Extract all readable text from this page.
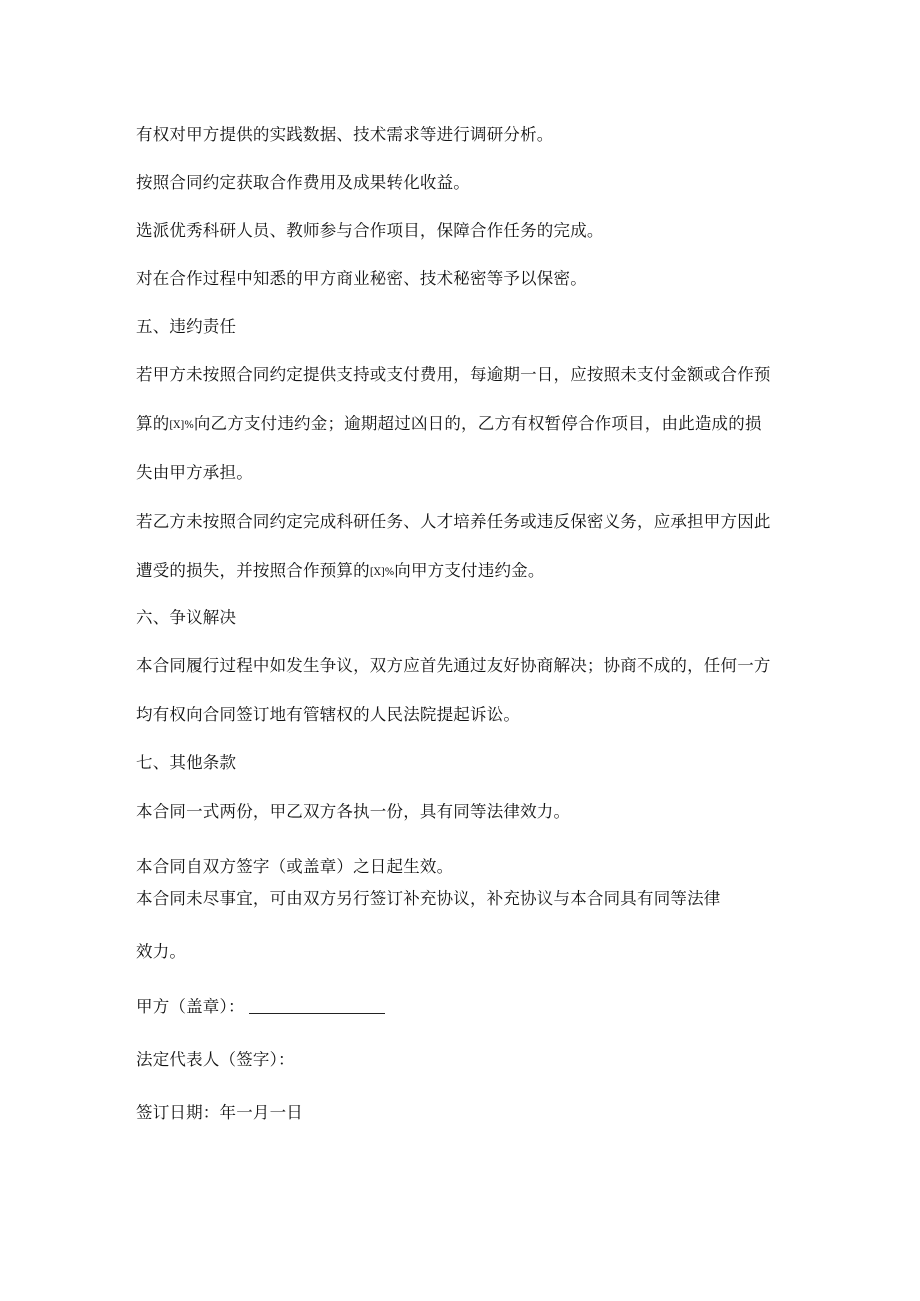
有权对甲方提供的实践数据、技术需求等进行调研分析。
按照合同约定获取合作费用及成果转化收益。
选派优秀科研人员、教师参与合作项目，保障合作任务的完成。
对在合作过程中知悉的甲方商业秘密、技术秘密等予以保密。
五、违约责任
若甲方未按照合同约定提供支持或支付费用，每逾期一日，应按照未支付金额或合作预
算的[X]%向乙方支付违约金；逾期超过凶日的，乙方有权暂停合作项目，由此造成的损
失由甲方承担。
若乙方未按照合同约定完成科研任务、人才培养任务或违反保密义务，应承担甲方因此
遭受的损失，并按照合作预算的[X]%向甲方支付违约金。
六、争议解决
本合同履行过程中如发生争议，双方应首先通过友好协商解决；协商不成的，任何一方
均有权向合同签订地有管辖权的人民法院提起诉讼。
七、其他条款
本合同一式两份，甲乙双方各执一份，具有同等法律效力。
本合同自双方签字（或盖章）之日起生效。
本合同未尽事宜，可由双方另行签订补充协议，补充协议与本合同具有同等法律
效力。
甲方（盖章）：
法定代表人（签字）：
签订日期：年一月一日
